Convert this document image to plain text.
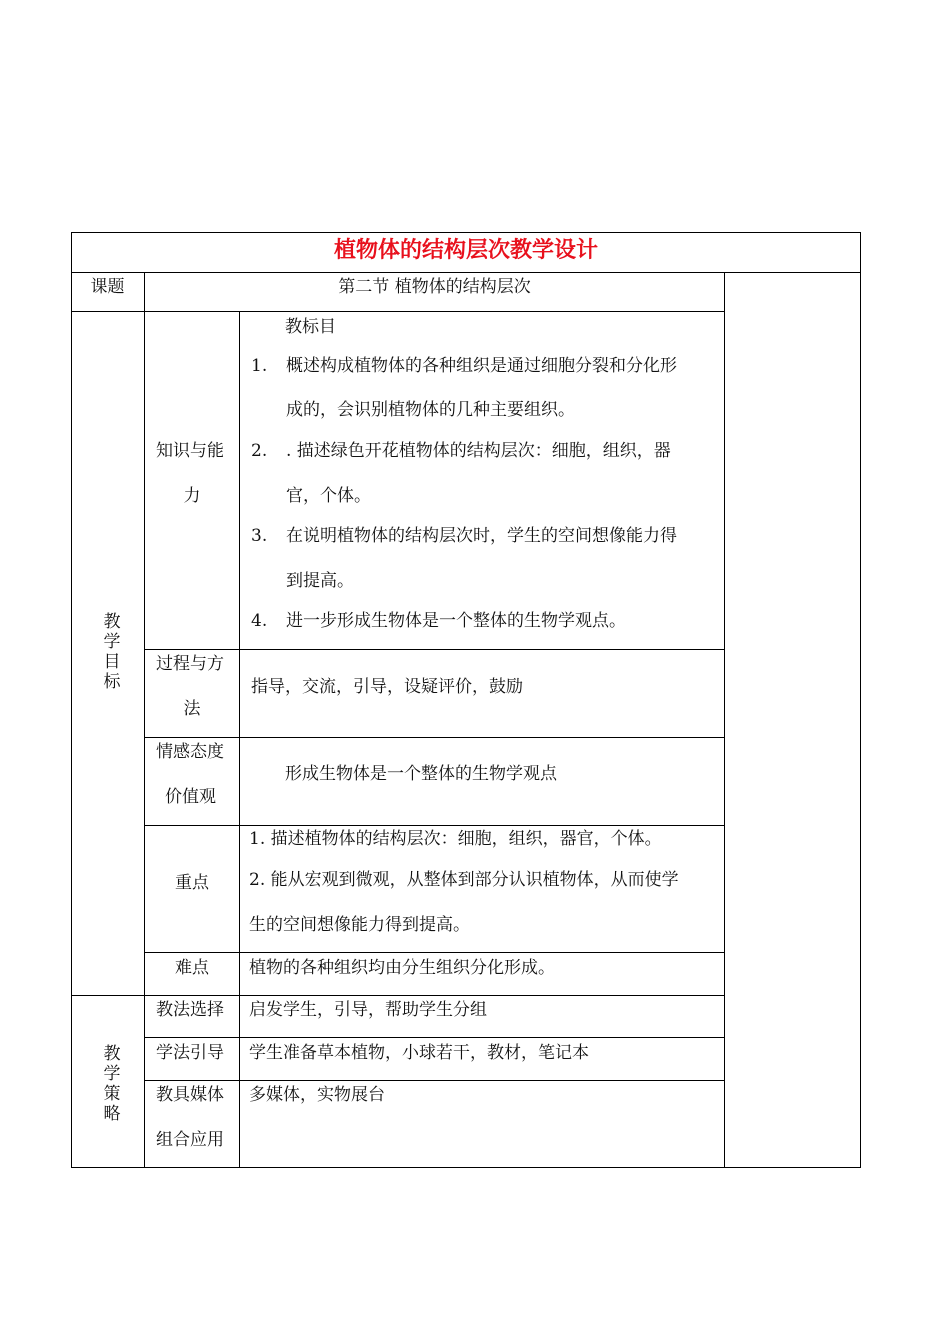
植物体的结构层次教学设计
课题	第二节 植物体的结构层次
教学目标
知识与能
力
教标目
1. 概述构成植物体的各种组织是通过细胞分裂和分化形
成的，会识别植物体的几种主要组织。
2. . 描述绿色开花植物体的结构层次：细胞，组织，器
官，个体。
3. 在说明植物体的结构层次时，学生的空间想像能力得
到提高。
4. 进一步形成生物体是一个整体的生物学观点。
过程与方
法
指导，交流，引导，设疑评价，鼓励
情感态度
价值观
形成生物体是一个整体的生物学观点
重点
1. 描述植物体的结构层次：细胞，组织，器官，个体。
2. 能从宏观到微观，从整体到部分认识植物体，从而使学
生的空间想像能力得到提高。
难点	植物的各种组织均由分生组织分化形成。
教学策略
教法选择 启发学生，引导，帮助学生分组
学法引导 学生准备草本植物，小球若干，教材，笔记本
教具媒体
组合应用
多媒体，实物展台
